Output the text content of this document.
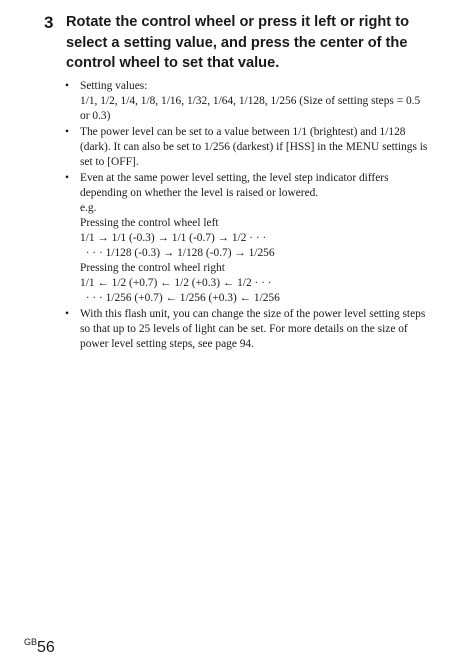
3 Rotate the control wheel or press it left or right to select a setting value, and press the center of the control wheel to set that value.
• Setting values:
1/1, 1/2, 1/4, 1/8, 1/16, 1/32, 1/64, 1/128, 1/256 (Size of setting steps = 0.5
or 0.3)
• The power level can be set to a value between 1/1 (brightest) and 1/128
(dark). It can also be set to 1/256 (darkest) if [HSS] in the MENU settings is
set to [OFF].
• Even at the same power level setting, the level step indicator differs
depending on whether the level is raised or lowered.
e.g.
Pressing the control wheel left
1/1 → 1/1 (-0.3) → 1/1 (-0.7) → 1/2 · · ·
· · · 1/128 (-0.3) → 1/128 (-0.7) → 1/256
Pressing the control wheel right
1/1 ← 1/2 (+0.7) ← 1/2 (+0.3) ← 1/2 · · ·
· · · 1/256 (+0.7) ← 1/256 (+0.3) ← 1/256
• With this flash unit, you can change the size of the power level setting steps
so that up to 25 levels of light can be set. For more details on the size of
power level setting steps, see page 94.
$^{GB}$56
